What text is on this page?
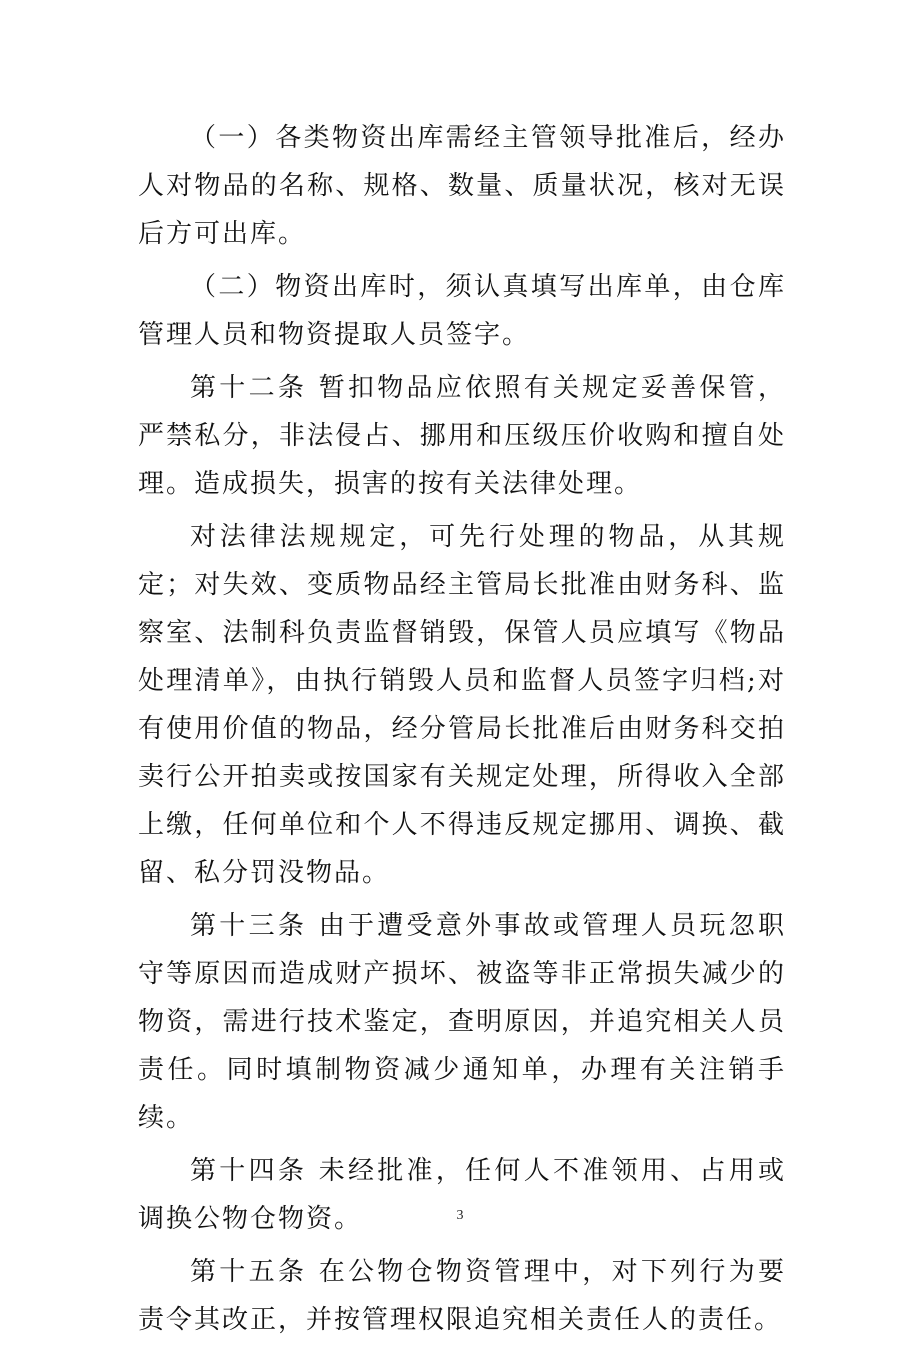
（一）各类物资出库需经主管领导批准后，经办人对物品的名称、规格、数量、质量状况，核对无误后方可出库。

（二）物资出库时，须认真填写出库单，由仓库管理人员和物资提取人员签字。

第十二条 暂扣物品应依照有关规定妥善保管，严禁私分，非法侵占、挪用和压级压价收购和擅自处理。造成损失，损害的按有关法律处理。

对法律法规规定，可先行处理的物品，从其规定；对失效、变质物品经主管局长批准由财务科、监察室、法制科负责监督销毁，保管人员应填写《物品处理清单》，由执行销毁人员和监督人员签字归档;对有使用价值的物品，经分管局长批准后由财务科交拍卖行公开拍卖或按国家有关规定处理，所得收入全部上缴，任何单位和个人不得违反规定挪用、调换、截留、私分罚没物品。

第十三条 由于遭受意外事故或管理人员玩忽职守等原因而造成财产损坏、被盗等非正常损失减少的物资，需进行技术鉴定，查明原因，并追究相关人员责任。同时填制物资减少通知单，办理有关注销手续。

第十四条 未经批准，任何人不准领用、占用或调换公物仓物资。

第十五条 在公物仓物资管理中，对下列行为要责令其改正，并按管理权限追究相关责任人的责任。

3
